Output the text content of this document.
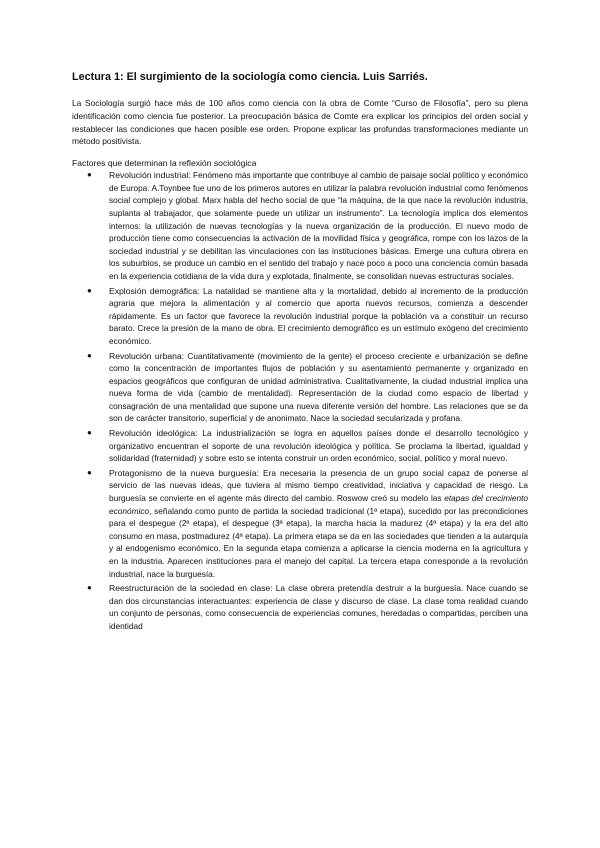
Lectura 1: El surgimiento de la sociología como ciencia. Luis Sarriés.

La Sociología surgió hace más de 100 años como ciencia con la obra de Comte “Curso de Filosofía”, pero su plena identificación como ciencia fue posterior. La preocupación básica de Comte era explicar los principios del orden social y restablecer las condiciones que hacen posible ese orden. Propone explicar las profundas transformaciones mediante un método positivista.

Factores que determinan la reflexión sociológica

● Revolución industrial: Fenómeno más importante que contribuye al cambio de paisaje social político y económico de Europa. A.Toynbee fue uno de los primeros autores en utilizar la palabra revolución industrial como fenómenos social complejo y global. Marx habla del hecho social de que “la máquina, de la que nace la revolución industria, suplanta al trabajador, que solamente puede un utilizar un instrumento”. La tecnología implica dos elementos internos: la utilización de nuevas tecnologías y la nueva organización de la producción. El nuevo modo de producción tiene como consecuencias la activación de la movilidad física y geográfica, rompe con los lazos de la sociedad industrial y se debilitan las vinculaciones con las instituciones básicas. Emerge una cultura obrera en los suburbios, se produce un cambio en el sentido del trabajo y nace poco a poco una conciencia común basada en la experiencia cotidiana de la vida dura y explotada, finalmente, se consolidan nuevas estructuras sociales.
● Explosión demográfica: La natalidad se mantiene alta y la mortalidad, debido al incremento de la producción agraria que mejora la alimentación y al comercio que aporta nuevos recursos, comienza a descender rápidamente. Es un factor que favorece la revolución industrial porque la población va a constituir un recurso barato. Crece la presión de la mano de obra. El crecimiento demográfico es un estímulo exógeno del crecimiento económico.
● Revolución urbana: Cuantitativamente (movimiento de la gente) el proceso creciente e urbanización se define como la concentración de importantes flujos de población y su asentamiento permanente y organizado en espacios geográficos que configuran de unidad administrativa. Cualitativamente, la ciudad industrial implica una nueva forma de vida (cambio de mentalidad). Representación de la ciudad como espacio de libertad y consagración de una mentalidad que supone una nueva diferente versión del hombre. Las relaciones que se da son de carácter transitorio, superficial y de anonimato. Nace la sociedad secularizada y profana.
● Revolución ideológica: La industrialización se logra en aquellos países donde el desarrollo tecnológico y organizativo encuentran el soporte de una revolución ideológica y política. Se proclama la libertad, igualdad y solidaridad (fraternidad) y sobre esto se intenta construir un orden económico, social, político y moral nuevo.
● Protagonismo de la nueva burguesía: Era necesaria la presencia de un grupo social capaz de ponerse al servicio de las nuevas ideas, que tuviera al mismo tiempo creatividad, iniciativa y capacidad de riesgo. La burguesía se convierte en el agente más directo del cambio. Roswow creó su modelo las etapas del crecimiento económico, señalando como punto de partida la sociedad tradicional (1ª etapa), sucedido por las precondiciones para el despegue (2ª etapa), el despegue (3ª etapa), la marcha hacia la madurez (4ª etapa) y la era del alto consumo en masa, postmadurez (4ª etapa). La primera etapa se da en las sociedades que tienden a la autarquía y al endogenismo económico. En la segunda etapa comienza a aplicarse la ciencia moderna en la agricultura y en la industria. Aparecen instituciones para el manejo del capital. La tercera etapa corresponde a la revolución industrial, nace la burguesía.
● Reestructuración de la sociedad en clase: La clase obrera pretendía destruir a la burguesía. Nace cuando se dan dos circunstancias interactuantes: experiencia de clase y discurso de clase. La clase toma realidad cuando un conjunto de personas, como consecuencia de experiencias comunes, heredadas o compartidas, perciben una identidad
